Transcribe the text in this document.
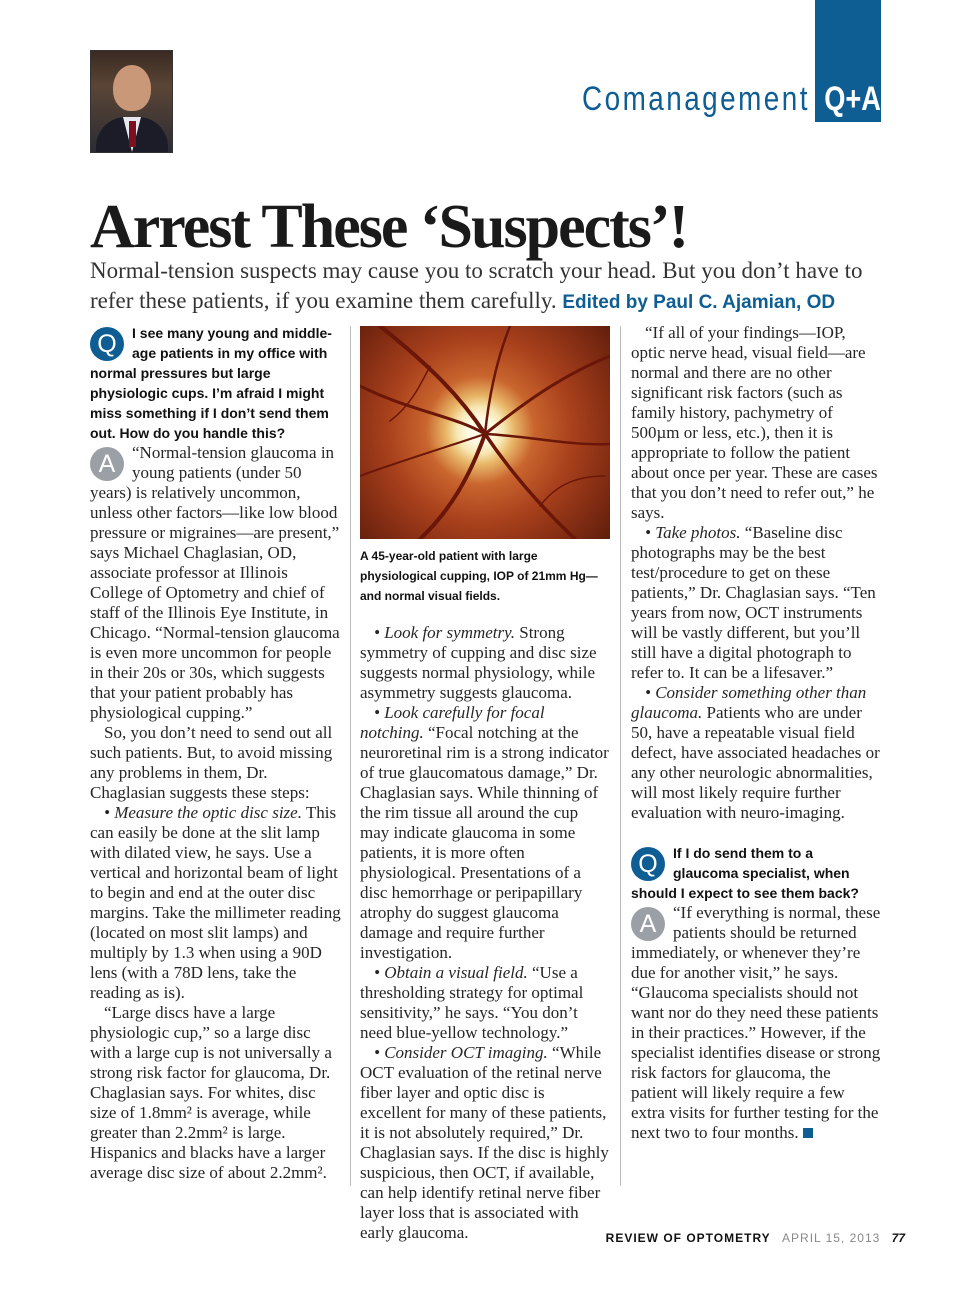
Comanagement Q+A
Arrest These ‘Suspects’!
Normal-tension suspects may cause you to scratch your head. But you don’t have to refer these patients, if you examine them carefully. Edited by Paul C. Ajamian, OD
Q	I see many young and middle-age patients in my office with normal pressures but large physiologic cups. I’m afraid I might miss something if I don’t send them out. How do you handle this?

A “Normal-tension glaucoma in young patients (under 50 years) is relatively uncommon, unless other factors—like low blood pressure or migraines—are present,” says Michael Chaglasian, OD, associate professor at Illinois College of Optometry and chief of staff of the Illinois Eye Institute, in Chicago. “Normal-tension glaucoma is even more uncommon for people in their 20s or 30s, which suggests that your patient probably has physiological cupping.”

So, you don’t need to send out all such patients. But, to avoid missing any problems in them, Dr. Chaglasian suggests these steps:

• Measure the optic disc size. This can easily be done at the slit lamp with dilated view, he says. Use a vertical and horizontal beam of light to begin and end at the outer disc margins. Take the millimeter reading (located on most slit lamps) and multiply by 1.3 when using a 90D lens (with a 78D lens, take the reading as is).

“Large discs have a large physiologic cup,” so a large disc with a large cup is not universally a strong risk factor for glaucoma, Dr. Chaglasian says. For whites, disc size of 1.8mm² is average, while greater than 2.2mm² is large. Hispanics and blacks have a larger average disc size of about 2.2mm².

A 45-year-old patient with large physiological cupping, IOP of 21mm Hg—and normal visual fields.

• Look for symmetry. Strong symmetry of cupping and disc size suggests normal physiology, while asymmetry suggests glaucoma.

• Look carefully for focal notching. “Focal notching at the neuroretinal rim is a strong indicator of true glaucomatous damage,” Dr. Chaglasian says. While thinning of the rim tissue all around the cup may indicate glaucoma in some patients, it is more often physiological. Presentations of a disc hemorrhage or peripapillary atrophy do suggest glaucoma damage and require further investigation.

• Obtain a visual field. “Use a thresholding strategy for optimal sensitivity,” he says. “You don’t need blue-yellow technology.”

• Consider OCT imaging. “While OCT evaluation of the retinal nerve fiber layer and optic disc is excellent for many of these patients, it is not absolutely required,” Dr. Chaglasian says. If the disc is highly suspicious, then OCT, if available, can help identify retinal nerve fiber layer loss that is associated with early glaucoma.

“If all of your findings—IOP, optic nerve head, visual field—are normal and there are no other significant risk factors (such as family history, pachymetry of 500µm or less, etc.), then it is appropriate to follow the patient about once per year. These are cases that you don’t need to refer out,” he says.

• Take photos. “Baseline disc photographs may be the best test/procedure to get on these patients,” Dr. Chaglasian says. “Ten years from now, OCT instruments will be vastly different, but you’ll still have a digital photograph to refer to. It can be a lifesaver.”

• Consider something other than glaucoma. Patients who are under 50, have a repeatable visual field defect, have associated headaches or any other neurologic abnormalities, will most likely require further evaluation with neuro-imaging.

Q	If I do send them to a glaucoma specialist, when should I expect to see them back?

A “If everything is normal, these patients should be returned immediately, or whenever they’re due for another visit,” he says. “Glaucoma specialists should not want nor do they need these patients in their practices.” However, if the specialist identifies disease or strong risk factors for glaucoma, the patient will likely require a few extra visits for further testing for the next two to four months.

REVIEW OF OPTOMETRY APRIL 15, 2013 77
